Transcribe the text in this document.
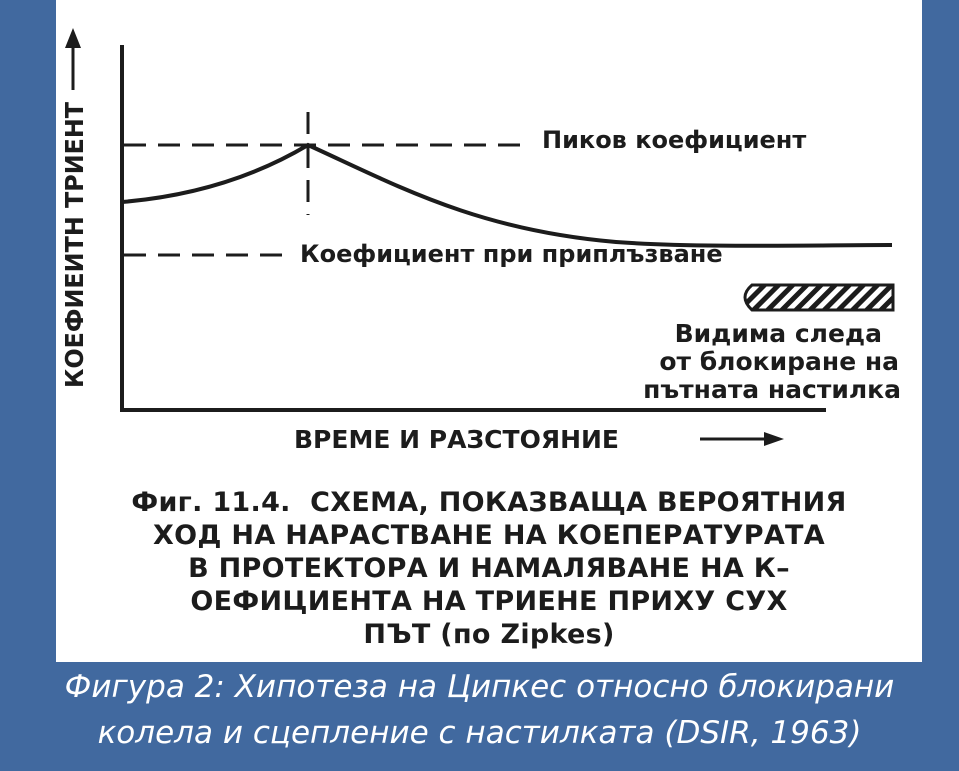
КОЕФИЕИТН ТРИЕНТ	Пиков коефициент
Коефициент при приплъзване
Видима следа
от блокиране на
пътната настилка
ВРЕМЕ И РАЗСТОЯНИЕ
Фиг. 11.4.  СХЕМА, ПОКАЗВАЩА ВЕРОЯТНИЯ
ХОД НА НАРАСТВАНЕ НА КОЕПЕРАТУРАТА
В ПРОТЕКТОРА И НАМАЛЯВАНЕ НА К–
ОЕФИЦИЕНТА НА ТРИЕНЕ ПРИХУ СУХ
ПЪТ (по Zipkes)
Фигура 2: Хипотеза на Ципкес относно блокирани
колела и сцепление с настилката (DSIR, 1963)
